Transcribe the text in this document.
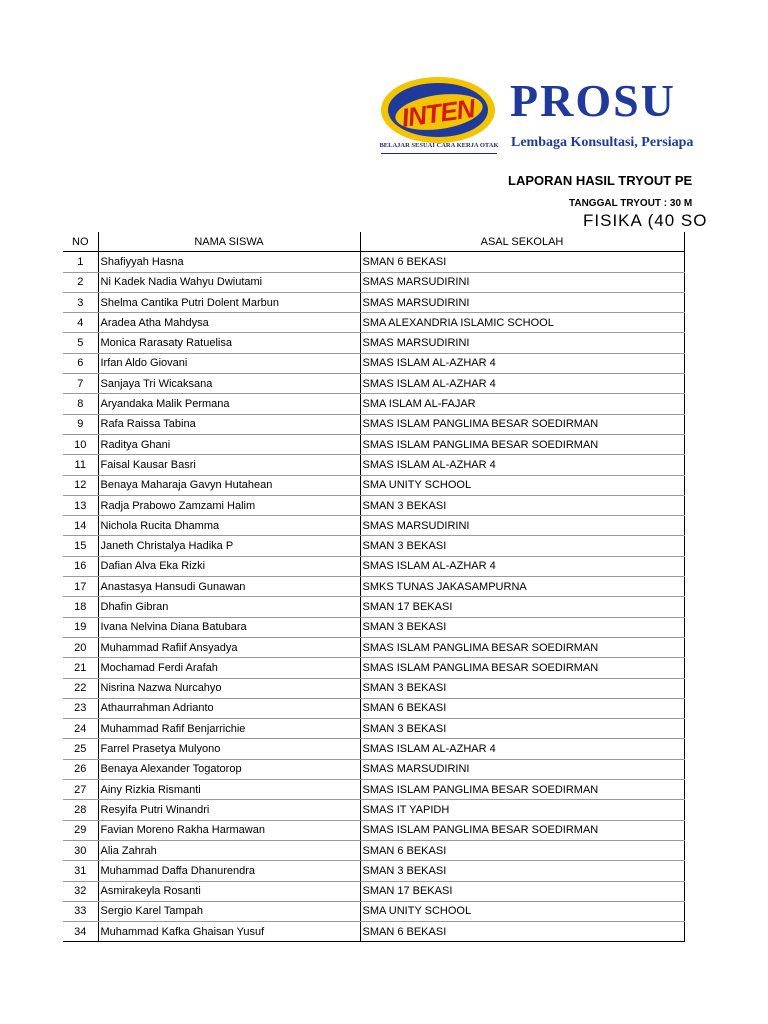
INTEN
BELAJAR SESUAI CARA KERJA OTAK
PROSU
Lembaga Konsultasi, Persiapa
LAPORAN HASIL TRYOUT PE
TANGGAL TRYOUT : 30 M
FISIKA (40 SO
NO	NAMA SISWA	ASAL SEKOLAH
1	Shafiyyah Hasna	SMAN 6 BEKASI
2	Ni Kadek Nadia Wahyu Dwiutami	SMAS MARSUDIRINI
3	Shelma Cantika Putri Dolent Marbun	SMAS MARSUDIRINI
4	Aradea Atha Mahdysa	SMA ALEXANDRIA ISLAMIC SCHOOL
5	Monica Rarasaty Ratuelisa	SMAS MARSUDIRINI
6	Irfan Aldo Giovani	SMAS ISLAM AL-AZHAR 4
7	Sanjaya Tri Wicaksana	SMAS ISLAM AL-AZHAR 4
8	Aryandaka Malik Permana	SMA ISLAM AL-FAJAR
9	Rafa Raissa Tabina	SMAS ISLAM PANGLIMA BESAR SOEDIRMAN
10	Raditya Ghani	SMAS ISLAM PANGLIMA BESAR SOEDIRMAN
11	Faisal Kausar Basri	SMAS ISLAM AL-AZHAR 4
12	Benaya Maharaja Gavyn Hutahean	SMA UNITY SCHOOL
13	Radja Prabowo Zamzami Halim	SMAN 3 BEKASI
14	Nichola Rucita Dhamma	SMAS MARSUDIRINI
15	Janeth Christalya Hadika P	SMAN 3 BEKASI
16	Dafian Alva Eka Rizki	SMAS ISLAM AL-AZHAR 4
17	Anastasya Hansudi Gunawan	SMKS TUNAS JAKASAMPURNA
18	Dhafin Gibran	SMAN 17 BEKASI
19	Ivana Nelvina Diana Batubara	SMAN 3 BEKASI
20	Muhammad Rafiif Ansyadya	SMAS ISLAM PANGLIMA BESAR SOEDIRMAN
21	Mochamad Ferdi Arafah	SMAS ISLAM PANGLIMA BESAR SOEDIRMAN
22	Nisrina Nazwa Nurcahyo	SMAN 3 BEKASI
23	Athaurrahman Adrianto	SMAN 6 BEKASI
24	Muhammad Rafif Benjarrichie	SMAN 3 BEKASI
25	Farrel Prasetya Mulyono	SMAS ISLAM AL-AZHAR 4
26	Benaya Alexander Togatorop	SMAS MARSUDIRINI
27	Ainy Rizkia Rismanti	SMAS ISLAM PANGLIMA BESAR SOEDIRMAN
28	Resyifa Putri Winandri	SMAS IT YAPIDH
29	Favian Moreno Rakha Harmawan	SMAS ISLAM PANGLIMA BESAR SOEDIRMAN
30	Alia Zahrah	SMAN 6 BEKASI
31	Muhammad Daffa Dhanurendra	SMAN 3 BEKASI
32	Asmirakeyla Rosanti	SMAN 17 BEKASI
33	Sergio Karel Tampah	SMA UNITY SCHOOL
34	Muhammad Kafka Ghaisan Yusuf	SMAN 6 BEKASI
